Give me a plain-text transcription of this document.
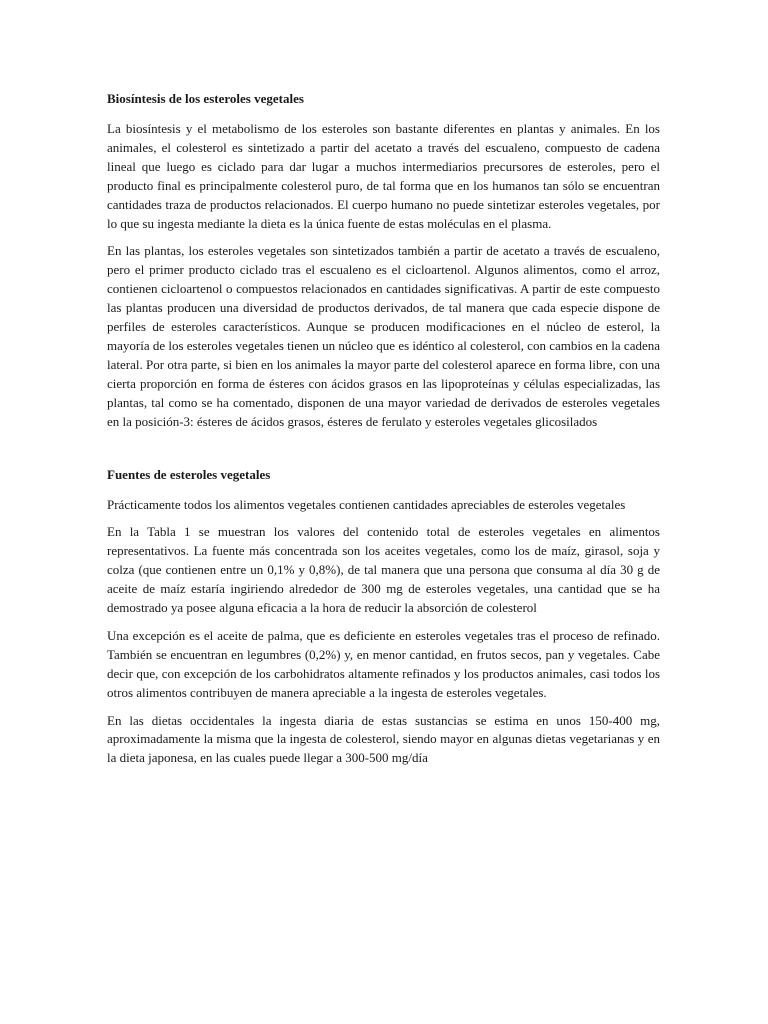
Biosíntesis de los esteroles vegetales

La biosíntesis y el metabolismo de los esteroles son bastante diferentes en plantas y animales. En los animales, el colesterol es sintetizado a partir del acetato a través del escualeno, compuesto de cadena lineal que luego es ciclado para dar lugar a muchos intermediarios precursores de esteroles, pero el producto final es principalmente colesterol puro, de tal forma que en los humanos tan sólo se encuentran cantidades traza de productos relacionados. El cuerpo humano no puede sintetizar esteroles vegetales, por lo que su ingesta mediante la dieta es la única fuente de estas moléculas en el plasma.

En las plantas, los esteroles vegetales son sintetizados también a partir de acetato a través de escualeno, pero el primer producto ciclado tras el escualeno es el cicloartenol. Algunos alimentos, como el arroz, contienen cicloartenol o compuestos relacionados en cantidades significativas. A partir de este compuesto las plantas producen una diversidad de productos derivados, de tal manera que cada especie dispone de perfiles de esteroles característicos. Aunque se producen modificaciones en el núcleo de esterol, la mayoría de los esteroles vegetales tienen un núcleo que es idéntico al colesterol, con cambios en la cadena lateral. Por otra parte, si bien en los animales la mayor parte del colesterol aparece en forma libre, con una cierta proporción en forma de ésteres con ácidos grasos en las lipoproteínas y células especializadas, las plantas, tal como se ha comentado, disponen de una mayor variedad de derivados de esteroles vegetales en la posición-3: ésteres de ácidos grasos, ésteres de ferulato y esteroles vegetales glicosilados

Fuentes de esteroles vegetales

Prácticamente todos los alimentos vegetales contienen cantidades apreciables de esteroles vegetales

En la Tabla 1 se muestran los valores del contenido total de esteroles vegetales en alimentos representativos. La fuente más concentrada son los aceites vegetales, como los de maíz, girasol, soja y colza (que contienen entre un 0,1% y 0,8%), de tal manera que una persona que consuma al día 30 g de aceite de maíz estaría ingiriendo alrededor de 300 mg de esteroles vegetales, una cantidad que se ha demostrado ya posee alguna eficacia a la hora de reducir la absorción de colesterol

Una excepción es el aceite de palma, que es deficiente en esteroles vegetales tras el proceso de refinado. También se encuentran en legumbres (0,2%) y, en menor cantidad, en frutos secos, pan y vegetales. Cabe decir que, con excepción de los carbohidratos altamente refinados y los productos animales, casi todos los otros alimentos contribuyen de manera apreciable a la ingesta de esteroles vegetales.

En las dietas occidentales la ingesta diaria de estas sustancias se estima en unos 150-400 mg, aproximadamente la misma que la ingesta de colesterol, siendo mayor en algunas dietas vegetarianas y en la dieta japonesa, en las cuales puede llegar a 300-500 mg/día
